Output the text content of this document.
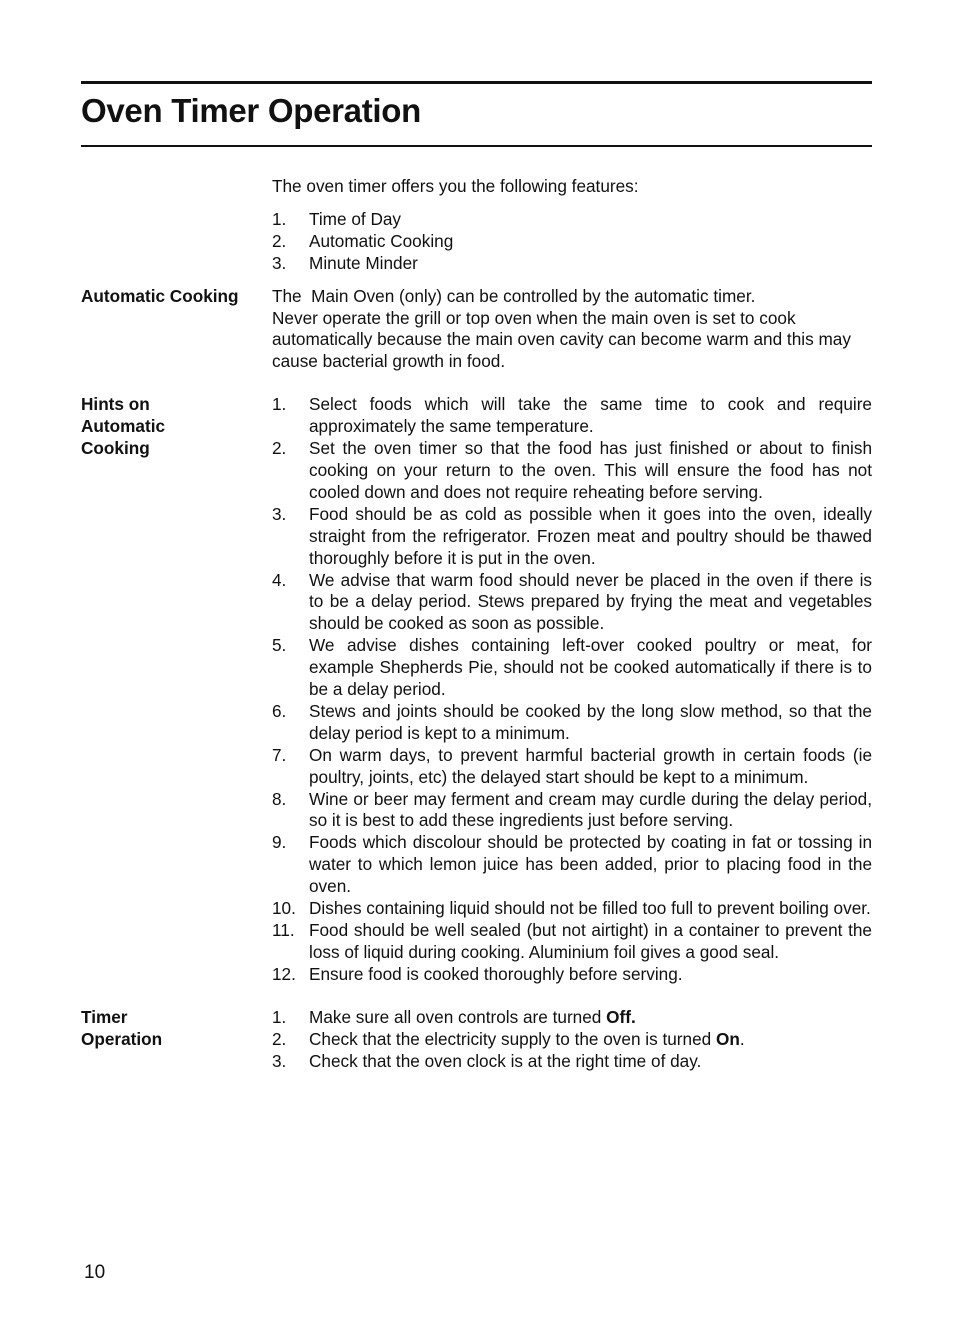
Oven Timer Operation

The oven timer offers you the following features:

1.	Time of Day
2.	Automatic Cooking
3.	Minute Minder
Automatic Cooking	The  Main Oven (only) can be controlled by the automatic timer.

Never operate the grill or top oven when the main oven is set to cook automatically because the main oven cavity can become warm and this may cause bacterial growth in food.

Hints on
Automatic
Cooking
1.	Select foods which will take the same time to cook and require approximately the same temperature.
2.	Set the oven timer so that the food has just finished or about to finish cooking on your return to the oven. This will ensure the food has not cooled down and does not require reheating before serving.
3.	Food should be as cold as possible when it goes into the oven, ideally straight from the refrigerator. Frozen meat and poultry should be thawed thoroughly before it is put in the oven.
4.	We advise that warm food should never be placed in the oven if there is to be a delay period. Stews prepared by frying the meat and vegetables should be cooked as soon as possible.
5.	We advise dishes containing left-over cooked poultry or meat, for example Shepherds Pie, should not be cooked automatically if there is to be a delay period.
6.	Stews and joints should be cooked by the long slow method, so that the delay period is kept to a minimum.
7.	On warm days, to prevent harmful bacterial growth in certain foods (ie poultry, joints, etc) the delayed start should be kept to a minimum.
8.	Wine or beer may ferment and cream may curdle during the delay period, so it is best to add these ingredients just before serving.
9.	Foods which discolour should be protected by coating in fat or tossing in water to which lemon juice has been added, prior to placing food in the oven.
10. Dishes containing liquid should not be filled too full to prevent boiling over.
11. Food should be well sealed (but not airtight) in a container to prevent the loss of liquid during cooking. Aluminium foil gives a good seal.
12. Ensure food is cooked thoroughly before serving.
Timer
Operation
1.	Make sure all oven controls are turned Off.
2.	Check that the electricity supply to the oven is turned On.
3.	Check that the oven clock is at the right time of day.
10
